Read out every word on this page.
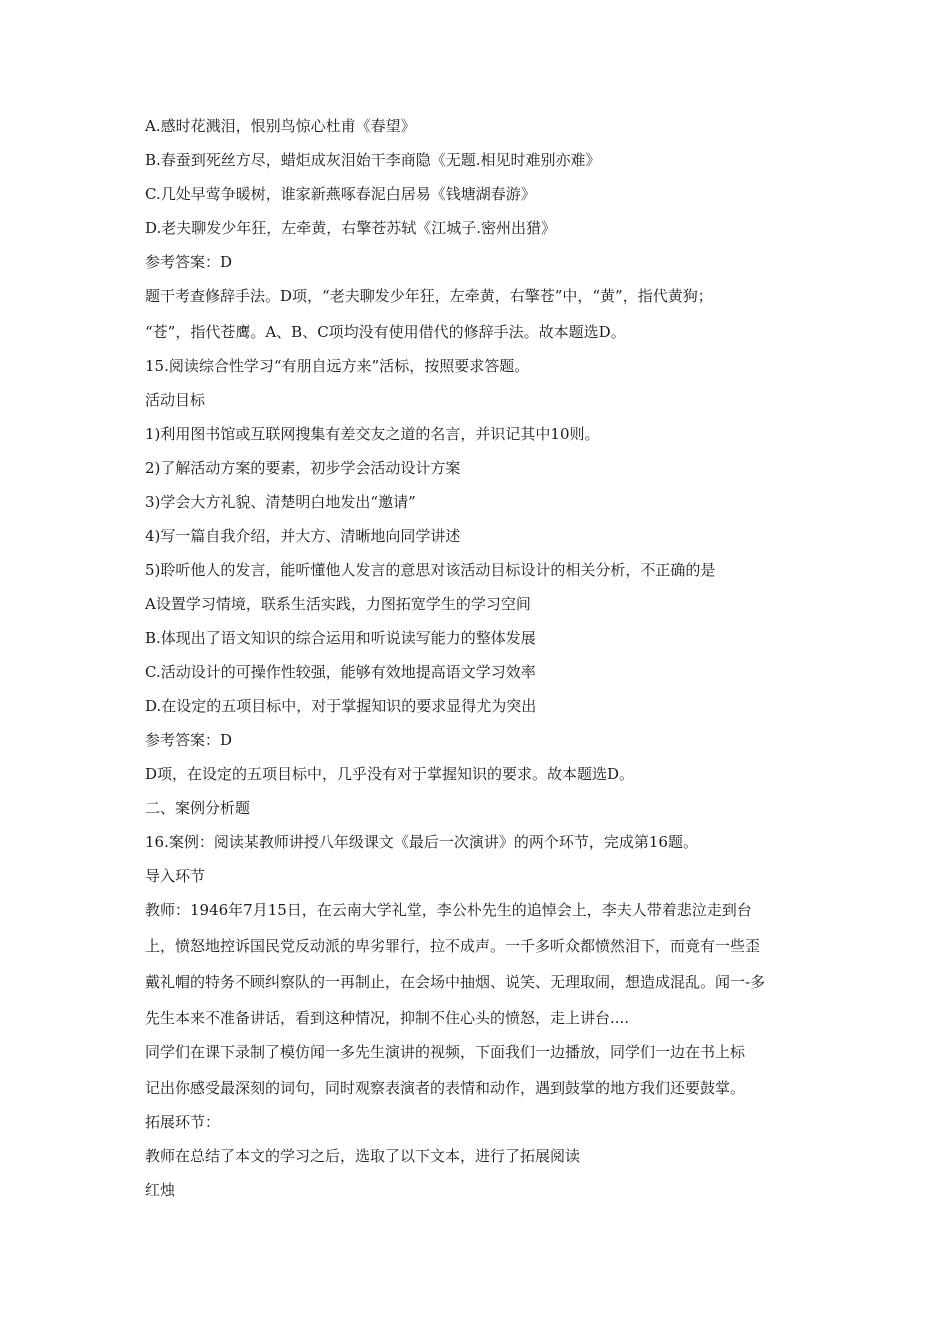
A.感时花溅泪，恨别鸟惊心杜甫《春望》

B.春蚕到死丝方尽，蜡炬成灰泪始干李商隐《无题.相见时难别亦难》

C.几处早莺争暖树，谁家新燕啄春泥白居易《钱塘湖春游》

D.老夫聊发少年狂，左牵黄，右擎苍苏轼《江城子.密州出猎》

参考答案：D

题干考查修辞手法。D项，“老夫聊发少年狂，左牵黄，右擎苍”中，“黄”，指代黄狗；
“苍”，指代苍鹰。A、B、C项均没有使用借代的修辞手法。故本题选D。

15.阅读综合性学习“有朋自远方来”活标，按照要求答题。

活动目标

1)利用图书馆或互联网搜集有差交友之道的名言，并识记其中10则。

2)了解活动方案的要素，初步学会活动设计方案

3)学会大方礼貌、清楚明白地发出“邀请”

4)写一篇自我介绍，并大方、清晰地向同学讲述

5)聆听他人的发言，能听懂他人发言的意思对该活动目标设计的相关分析，不正确的是

A设置学习情境，联系生活实践，力图拓宽学生的学习空间

B.体现出了语文知识的综合运用和听说读写能力的整体发展

C.活动设计的可操作性较强，能够有效地提高语文学习效率

D.在设定的五项目标中，对于掌握知识的要求显得尤为突出

参考答案：D

D项，在设定的五项目标中，几乎没有对于掌握知识的要求。故本题选D。

二、案例分析题

16.案例：阅读某教师讲授八年级课文《最后一次演讲》的两个环节，完成第16题。

导入环节

教师：1946年7月15日，在云南大学礼堂，李公朴先生的追悼会上，李夫人带着悲泣走到台
上，愤怒地控诉国民党反动派的卑劣罪行，拉不成声。一千多听众都愤然泪下，而竟有一些歪
戴礼帽的特务不顾纠察队的一再制止，在会场中抽烟、说笑、无理取闹，想造成混乱。闻一-多
先生本来不准备讲话，看到这种情况，抑制不住心头的愤怒，走上讲台....
同学们在课下录制了模仿闻一多先生演讲的视频，下面我们一边播放，同学们一边在书上标
记出你感受最深刻的词句，同时观察表演者的表情和动作，遇到鼓掌的地方我们还要鼓掌。

拓展环节：

教师在总结了本文的学习之后，选取了以下文本，进行了拓展阅读

红烛
